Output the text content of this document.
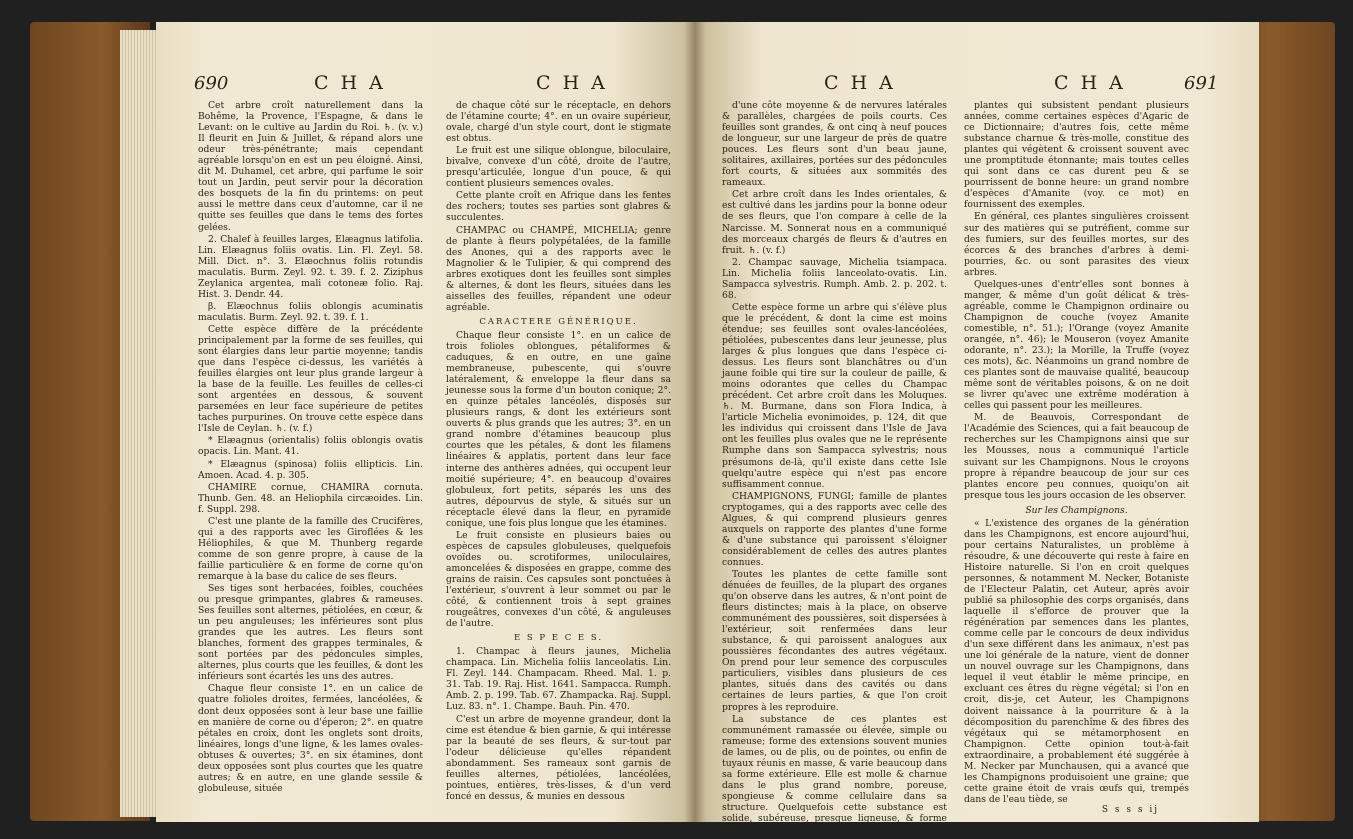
690	C H A	C H A

Cet arbre croît naturellement dans la Bohême, la Provence, l'Espagne, & dans le Levant: on le cultive au Jardin du Roi. ♄. (v. v.) Il fleurit en Juin & Juillet, & répand alors une odeur très-pénétrante; mais cependant agréable lorsqu'on en est un peu éloigné. Ainsi, dit M. Duhamel, cet arbre, qui parfume le soir tout un Jardin, peut servir pour la décoration des bosquets de la fin du printems: on peut aussi le mettre dans ceux d'automne, car il ne quitte ses feuilles que dans le tems des fortes gelées.

2. Chalef à feuilles larges, Elæagnus latifolia. Lin. Elæagnus foliis ovatis. Lin. Fl. Zeyl. 58. Mill. Dict. n°. 3. Elæochnus foliis rotundis maculatis. Burm. Zeyl. 92. t. 39. f. 2. Ziziphus Zeylanica argentea, mali cotoneæ folio. Raj. Hist. 3. Dendr. 44.

β. Elæochnus foliis oblongis acuminatis maculatis. Burm. Zeyl. 92. t. 39. f. 1.

Cette espèce diffère de la précédente principalement par la forme de ses feuilles, qui sont élargies dans leur partie moyenne; tandis que dans l'espèce ci-dessus, les variétés à feuilles élargies ont leur plus grande largeur à la base de la feuille. Les feuilles de celles-ci sont argentées en dessous, & souvent parsemées en leur face supérieure de petites taches purpurines. On trouve cette espèce dans l'Isle de Ceylan. ♄. (v. f.)

* Elæagnus (orientalis) foliis oblongis ovatis opacis. Lin. Mant. 41.

* Elæagnus (spinosa) foliis ellipticis. Lin. Amoen. Acad. 4. p. 305.

CHAMIRE cornue, CHAMIRA cornuta. Thunb. Gen. 48. an Heliophila circæoides. Lin. f. Suppl. 298.

C'est une plante de la famille des Crucifères, qui a des rapports avec les Giroflées & les Héliophiles, & que M. Thunberg regarde comme de son genre propre, à cause de la faillie particulière & en forme de corne qu'on remarque à la base du calice de ses fleurs.

Ses tiges sont herbacées, foibles, couchées ou presque grimpantes, glabres & rameuses. Ses feuilles sont alternes, pétiolées, en cœur, & un peu anguleuses; les inférieures sont plus grandes que les autres. Les fleurs sont blanches, forment des grappes terminales, & sont portées par des pédoncules simples, alternes, plus courts que les feuilles, & dont les inférieurs sont écartés les uns des autres.

Chaque fleur consiste 1°. en un calice de quatre folioles droites, fermées, lancéolées, & dont deux opposées sont à leur base une faillie en manière de corne ou d'éperon; 2°. en quatre pétales en croix, dont les onglets sont droits, linéaires, longs d'une ligne, & les lames ovales-obtuses & ouvertes; 3°. en six étamines, dont deux opposées sont plus courtes que les quatre autres; & en autre, en une glande sessile & globuleuse, située

de chaque côté sur le réceptacle, en dehors de l'étamine courte; 4°. en un ovaire supérieur, ovale, chargé d'un style court, dont le stigmate est obtus.

Le fruit est une silique oblongue, biloculaire, bivalve, convexe d'un côté, droite de l'autre, presqu'articulée, longue d'un pouce, & qui contient plusieurs semences ovales.

Cette plante croît en Afrique dans les fentes des rochers; toutes ses parties sont glabres & succulentes.

CHAMPAC ou CHAMPÉ, MICHELIA; genre de plante à fleurs polypétalées, de la famille des Anones, qui a des rapports avec le Magnolier & le Tulipier, & qui comprend des arbres exotiques dont les feuilles sont simples & alternes, & dont les fleurs, situées dans les aisselles des feuilles, répandent une odeur agréable.

CARACTERE GÉNÉRIQUE.

Chaque fleur consiste 1°. en un calice de trois folioles oblongues, pétaliformes & caduques, & en outre, en une gaîne membraneuse, pubescente, qui s'ouvre latéralement, & enveloppe la fleur dans sa jeunesse sous la forme d'un bouton conique; 2°. en quinze pétales lancéolés, disposés sur plusieurs rangs, & dont les extérieurs sont ouverts & plus grands que les autres; 3°. en un grand nombre d'étamines beaucoup plus courtes que les pétales, & dont les filamens linéaires & applatis, portent dans leur face interne des anthères adnées, qui occupent leur moitié supérieure; 4°. en beaucoup d'ovaires globuleux, fort petits, séparés les uns des autres, dépourvus de style, & situés sur un réceptacle élevé dans la fleur, en pyramide conique, une fois plus longue que les étamines.

Le fruit consiste en plusieurs baies ou espèces de capsules globuleuses, quelquefois ovoïdes ou. scrotiformes, uniloculaires, amoncelées & disposées en grappe, comme des grains de raisin. Ces capsules sont ponctuées à l'extérieur, s'ouvrent à leur sommet ou par le côté, & contiennent trois à sept graines rougeâtres, convexes d'un côté, & anguleuses de l'autre.

E S P E C E S.

1. Champac à fleurs jaunes, Michelia champaca. Lin. Michelia foliis lanceolatis. Lin. Fl. Zeyl. 144. Champacam. Rheed. Mal. 1. p. 31. Tab. 19. Raj. Hist. 1641. Sampacca. Rumph. Amb. 2. p. 199. Tab. 67. Zhampacka. Raj. Suppl. Luz. 83. n°. 1. Champe. Bauh. Pin. 470.

C'est un arbre de moyenne grandeur, dont la cime est étendue & bien garnie, & qui intéresse par la beauté de ses fleurs, & sur-tout par l'odeur délicieuse qu'elles répandent abondamment. Ses rameaux sont garnis de feuilles alternes, pétiolées, lancéolées, pointues, entières, très-lisses, & d'un verd foncé en dessus, & munies en dessous

C H A	C H A	691

d'une côte moyenne & de nervures latérales & parallèles, chargées de poils courts. Ces feuilles sont grandes, & ont cinq à neuf pouces de longueur, sur une largeur de près de quatre pouces. Les fleurs sont d'un beau jaune, solitaires, axillaires, portées sur des pédoncules fort courts, & situées aux sommités des rameaux.

Cet arbre croît dans les Indes orientales, & est cultivé dans les jardins pour la bonne odeur de ses fleurs, que l'on compare à celle de la Narcisse. M. Sonnerat nous en a communiqué des morceaux chargés de fleurs & d'autres en fruit. ♄. (v. f.)

2. Champac sauvage, Michelia tsiampaca. Lin. Michelia foliis lanceolato-ovatis. Lin. Sampacca sylvestris. Rumph. Amb. 2. p. 202. t. 68.

Cette espèce forme un arbre qui s'élève plus que le précédent, & dont la cime est moins étendue; ses feuilles sont ovales-lancéolées, pétiolées, pubescentes dans leur jeunesse, plus larges & plus longues que dans l'espèce ci-dessus. Les fleurs sont blanchâtres ou d'un jaune foible qui tire sur la couleur de paille, & moins odorantes que celles du Champac précédent. Cet arbre croît dans les Moluques. ♄. M. Burmane, dans son Flora Indica, à l'article Michelia evonimoides, p. 124, dit que les individus qui croissent dans l'Isle de Java ont les feuilles plus ovales que ne le représente Rumphe dans son Sampacca sylvestris; nous présumons de-là, qu'il existe dans cette Isle quelqu'autre espèce qui n'est pas encore suffisamment connue.

CHAMPIGNONS, FUNGI; famille de plantes cryptogames, qui a des rapports avec celle des Algues, & qui comprend plusieurs genres auxquels on rapporte des plantes d'une forme & d'une substance qui paroissent s'éloigner considérablement de celles des autres plantes connues.

Toutes les plantes de cette famille sont dénuées de feuilles, de la plupart des organes qu'on observe dans les autres, & n'ont point de fleurs distinctes; mais à la place, on observe communément des poussières, soit dispersées à l'extérieur, soit renfermées dans leur substance, & qui paroissent analogues aux poussières fécondantes des autres végétaux. On prend pour leur semence des corpuscules particuliers, visibles dans plusieurs de ces plantes, situés dans des cavités ou dans certaines de leurs parties, & que l'on croit propres à les reproduire.

La substance de ces plantes est communément ramassée ou élevée, simple ou rameuse; forme des extensions souvent munies de lames, ou de plis, ou de pointes, ou enfin de tuyaux réunis en masse, & varie beaucoup dans sa forme extérieure. Elle est molle & charnue dans le plus grand nombre, poreuse, spongieuse & comme cellulaire dans sa structure. Quelquefois cette substance est solide, subéreuse, presque ligneuse, & forme des

plantes qui subsistent pendant plusieurs années, comme certaines espèces d'Agaric de ce Dictionnaire; d'autres fois, cette même substance charnue & très-molle, constitue des plantes qui végètent & croissent souvent avec une promptitude étonnante; mais toutes celles qui sont dans ce cas durent peu & se pourrissent de bonne heure: un grand nombre d'espèces d'Amanite (voy. ce mot) en fournissent des exemples.

En général, ces plantes singulières croissent sur des matières qui se putréfient, comme sur des fumiers, sur des feuilles mortes, sur des écorces & des branches d'arbres à demi-pourries, &c. ou sont parasites des vieux arbres.

Quelques-unes d'entr'elles sont bonnes à manger, & même d'un goût délicat & très-agréable, comme le Champignon ordinaire ou Champignon de couche (voyez Amanite comestible, n°. 51.); l'Orange (voyez Amanite orangée, n°. 46); le Mouseron (voyez Amanite odorante, n°. 23.); la Morille, la Truffe (voyez ces mots), &c. Néanmoins un grand nombre de ces plantes sont de mauvaise qualité, beaucoup même sont de véritables poisons, & on ne doit se livrer qu'avec une extrême modération à celles qui passent pour les meilleures.

M. de Beauvois, Correspondant de l'Académie des Sciences, qui a fait beaucoup de recherches sur les Champignons ainsi que sur les Mousses, nous a communiqué l'article suivant sur les Champignons. Nous le croyons propre à répandre beaucoup de jour sur ces plantes encore peu connues, quoiqu'on ait presque tous les jours occasion de les observer.

Sur les Champignons.

« L'existence des organes de la génération dans les Champignons, est encore aujourd'hui, pour certains Naturalistes, un problème à résoudre, & une découverte qui reste à faire en Histoire naturelle. Si l'on en croit quelques personnes, & notamment M. Necker, Botaniste de l'Electeur Palatin, cet Auteur, après avoir publié sa philosophie des corps organisés, dans laquelle il s'efforce de prouver que la régénération par semences dans les plantes, comme celle par le concours de deux individus d'un sexe différent dans les animaux, n'est pas une loi générale de la nature, vient de donner un nouvel ouvrage sur les Champignons, dans lequel il veut établir le même principe, en excluant ces êtres du règne végétal; si l'on en croit, dis-je, cet Auteur, les Champignons doivent naissance à la pourriture & à la décomposition du parenchîme & des fibres des végétaux qui se métamorphosent en Champignon. Cette opinion tout-à-fait extraordinaire, a probablement été suggérée à M. Necker par Munchausen, qui a avancé que les Champignons produisoient une graine; que cette graine étoit de vrais œufs qui, trempés dans de l'eau tiède, se

S s s s ij
